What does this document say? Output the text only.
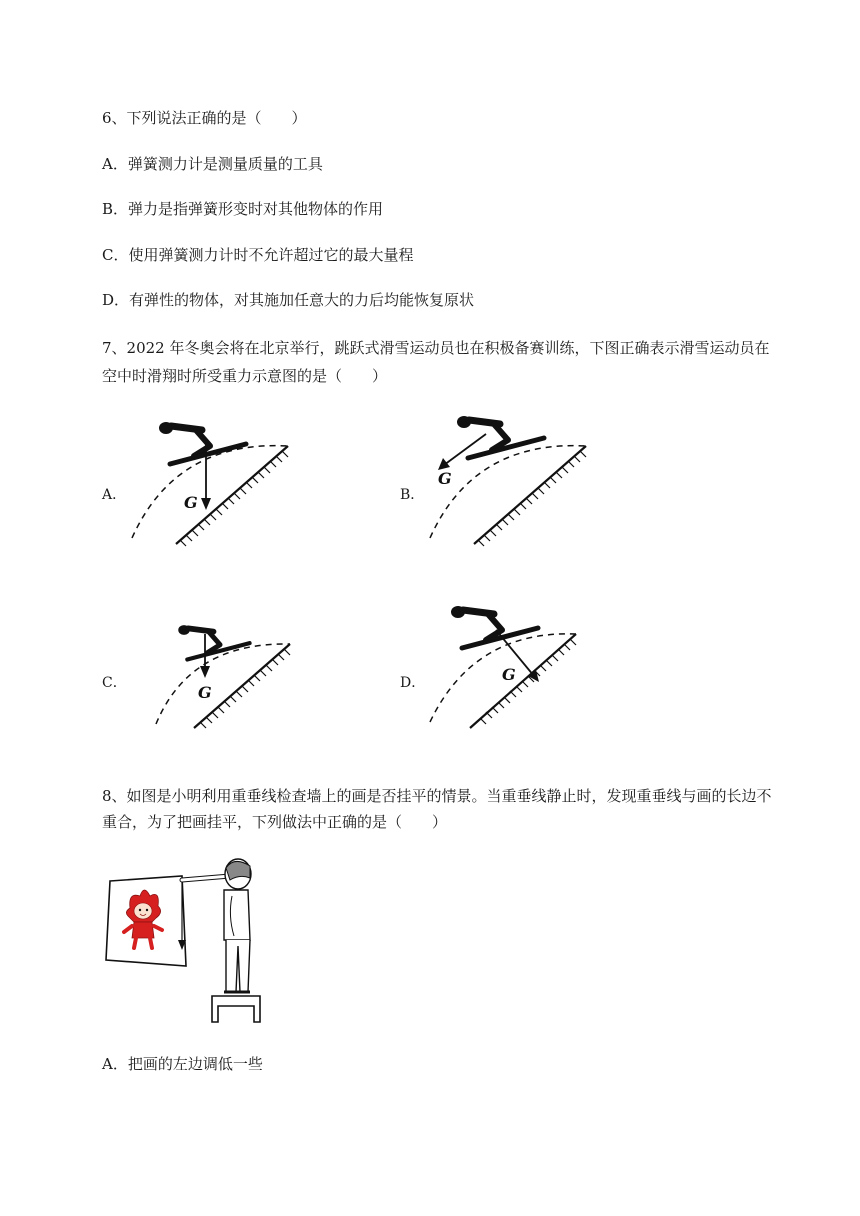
6、下列说法正确的是（　　）
A．弹簧测力计是测量质量的工具
B．弹力是指弹簧形变时对其他物体的作用
C．使用弹簧测力计时不允许超过它的最大量程
D．有弹性的物体，对其施加任意大的力后均能恢复原状
7、2022 年冬奥会将在北京举行，跳跃式滑雪运动员也在积极备赛训练，下图正确表示滑雪运动员在
空中时滑翔时所受重力示意图的是（　　）
A．	B．
C．	D．
G
G
G
G
8、如图是小明利用重垂线检查墙上的画是否挂平的情景。当重垂线静止时，发现重垂线与画的长边不
重合，为了把画挂平，下列做法中正确的是（　　）
A．把画的左边调低一些
